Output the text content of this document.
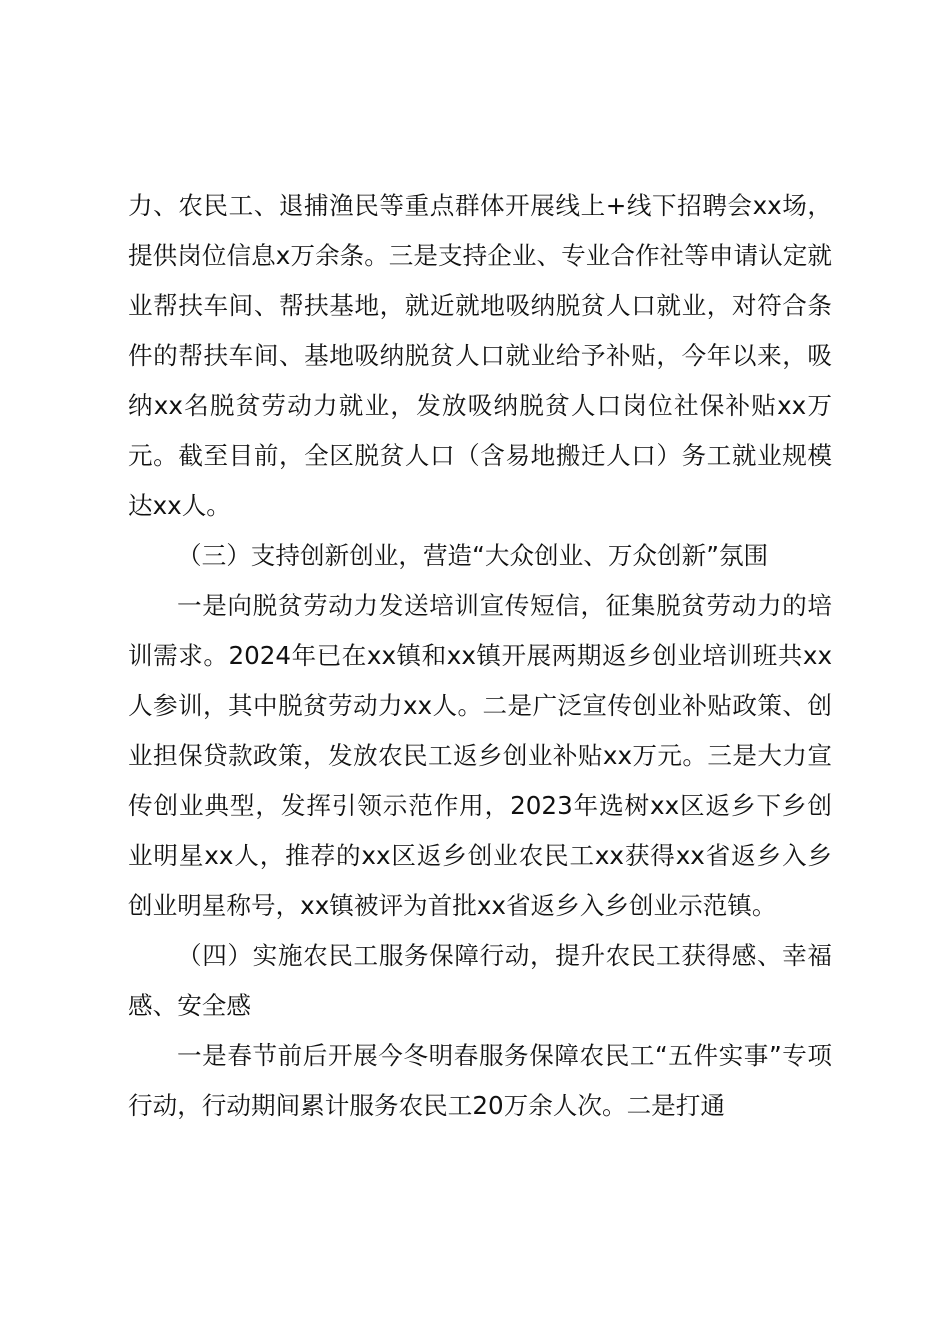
力、农民工、退捕渔民等重点群体开展线上+线下招聘会xx场，提供岗位信息x万余条。三是支持企业、专业合作社等申请认定就业帮扶车间、帮扶基地，就近就地吸纳脱贫人口就业，对符合条件的帮扶车间、基地吸纳脱贫人口就业给予补贴，今年以来，吸纳xx名脱贫劳动力就业，发放吸纳脱贫人口岗位社保补贴xx万元。截至目前，全区脱贫人口（含易地搬迁人口）务工就业规模达xx人。

（三）支持创新创业，营造“大众创业、万众创新”氛围

一是向脱贫劳动力发送培训宣传短信，征集脱贫劳动力的培训需求。2024年已在xx镇和xx镇开展两期返乡创业培训班共xx人参训，其中脱贫劳动力xx人。二是广泛宣传创业补贴政策、创业担保贷款政策，发放农民工返乡创业补贴xx万元。三是大力宣传创业典型，发挥引领示范作用，2023年选树xx区返乡下乡创业明星xx人，推荐的xx区返乡创业农民工xx获得xx省返乡入乡创业明星称号，xx镇被评为首批xx省返乡入乡创业示范镇。

（四）实施农民工服务保障行动，提升农民工获得感、幸福感、安全感

一是春节前后开展今冬明春服务保障农民工“五件实事”专项行动，行动期间累计服务农民工20万余人次。二是打通
